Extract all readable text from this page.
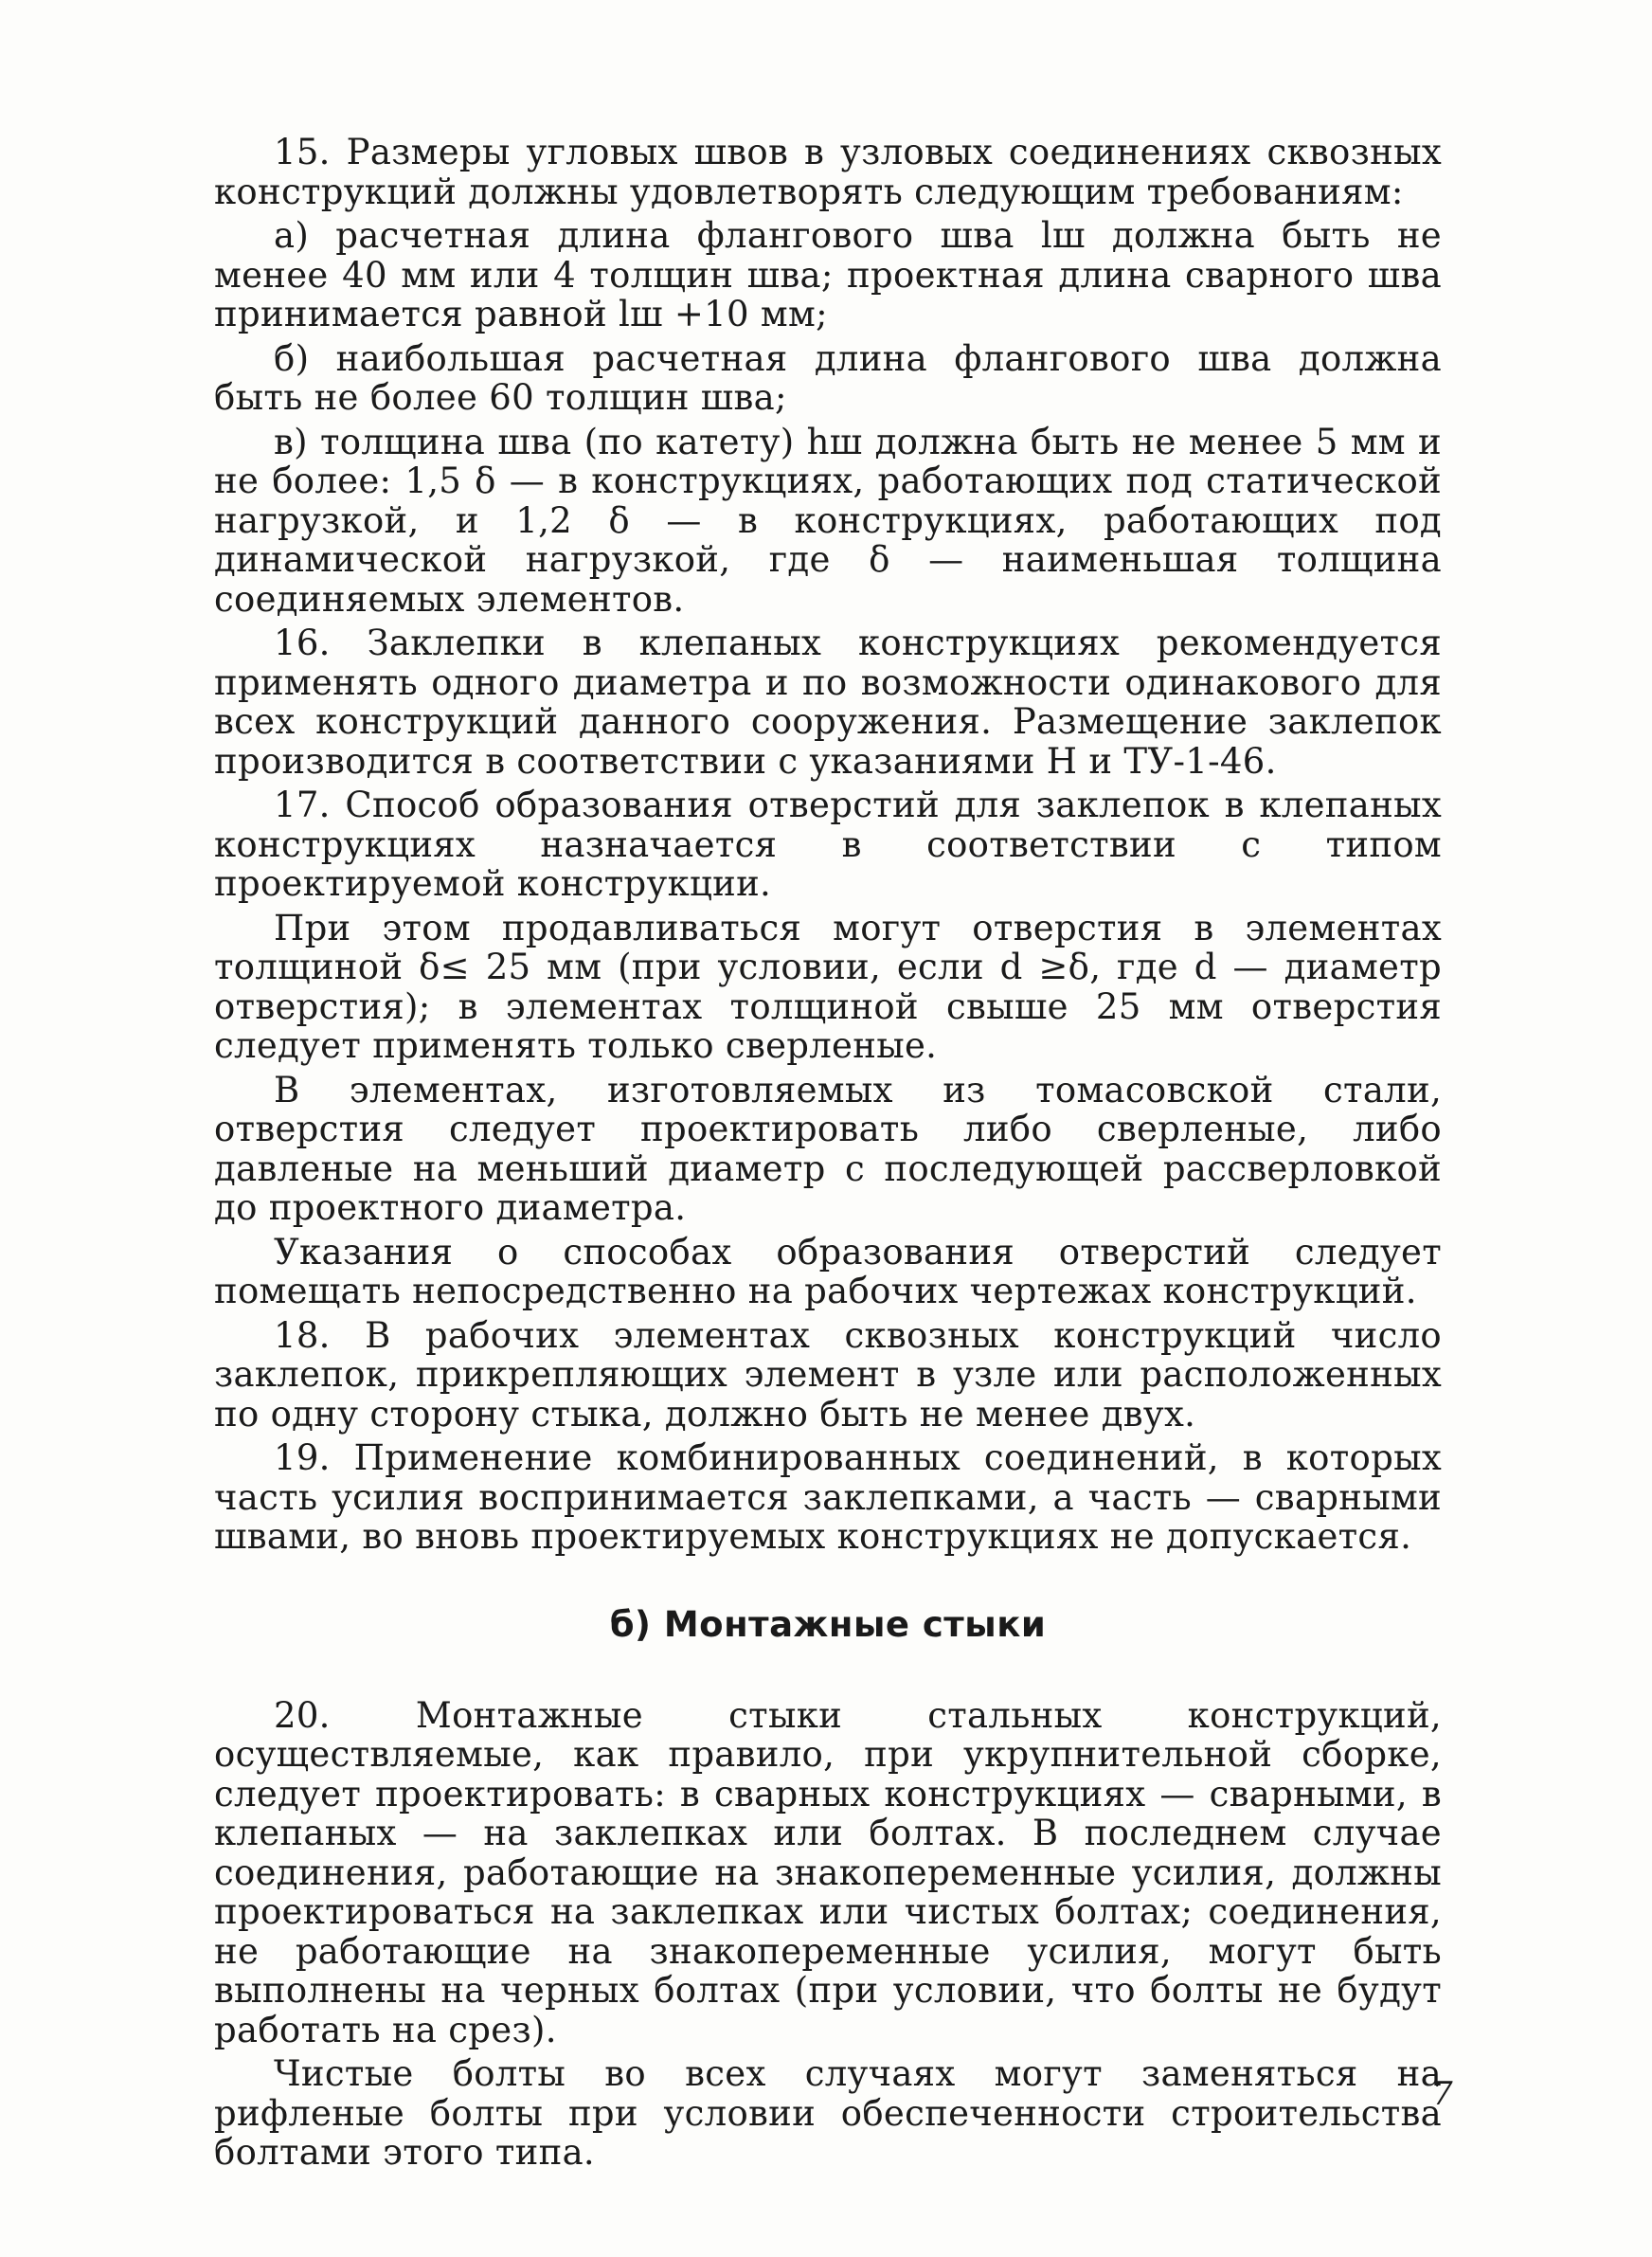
15. Размеры угловых швов в узловых соединениях сквозных конструкций должны удовлетворять следующим требованиям:

а) расчетная длина флангового шва lш должна быть не менее 40 мм или 4 толщин шва; проектная длина сварного шва принимается равной lш +10 мм;

б) наибольшая расчетная длина флангового шва должна быть не более 60 толщин шва;

в) толщина шва (по катету) hш должна быть не менее 5 мм и не более: 1,5 δ — в конструкциях, работающих под статической нагрузкой, и 1,2 δ — в конструкциях, работающих под динамической нагрузкой, где δ — наименьшая толщина соединяемых элементов.

16. Заклепки в клепаных конструкциях рекомендуется применять одного диаметра и по возможности одинакового для всех конструкций данного сооружения. Размещение заклепок производится в соответствии с указаниями Н и ТУ-1-46.

17. Способ образования отверстий для заклепок в клепаных конструкциях назначается в соответствии с типом проектируемой конструкции.

При этом продавливаться могут отверстия в элементах толщиной δ≤ 25 мм (при условии, если d ≥δ, где d — диаметр отверстия); в элементах толщиной свыше 25 мм отверстия следует применять только сверленые.

В элементах, изготовляемых из томасовской стали, отверстия следует проектировать либо сверленые, либо давленые на меньший диаметр с последующей рассверловкой до проектного диаметра.

Указания о способах образования отверстий следует помещать непосредственно на рабочих чертежах конструкций.

18. В рабочих элементах сквозных конструкций число заклепок, прикрепляющих элемент в узле или расположенных по одну сторону стыка, должно быть не менее двух.

19. Применение комбинированных соединений, в которых часть усилия воспринимается заклепками, а часть — сварными швами, во вновь проектируемых конструкциях не допускается.

б) Монтажные стыки

20. Монтажные стыки стальных конструкций, осуществляемые, как правило, при укрупнительной сборке, следует проектировать: в сварных конструкциях — сварными, в клепаных — на заклепках или болтах. В последнем случае соединения, работающие на знакопеременные усилия, должны проектироваться на заклепках или чистых болтах; соединения, не работающие на знакопеременные усилия, могут быть выполнены на черных болтах (при условии, что болты не будут работать на срез).

Чистые болты во всех случаях могут заменяться на рифленые болты при условии обеспеченности строительства болтами этого типа.

7
